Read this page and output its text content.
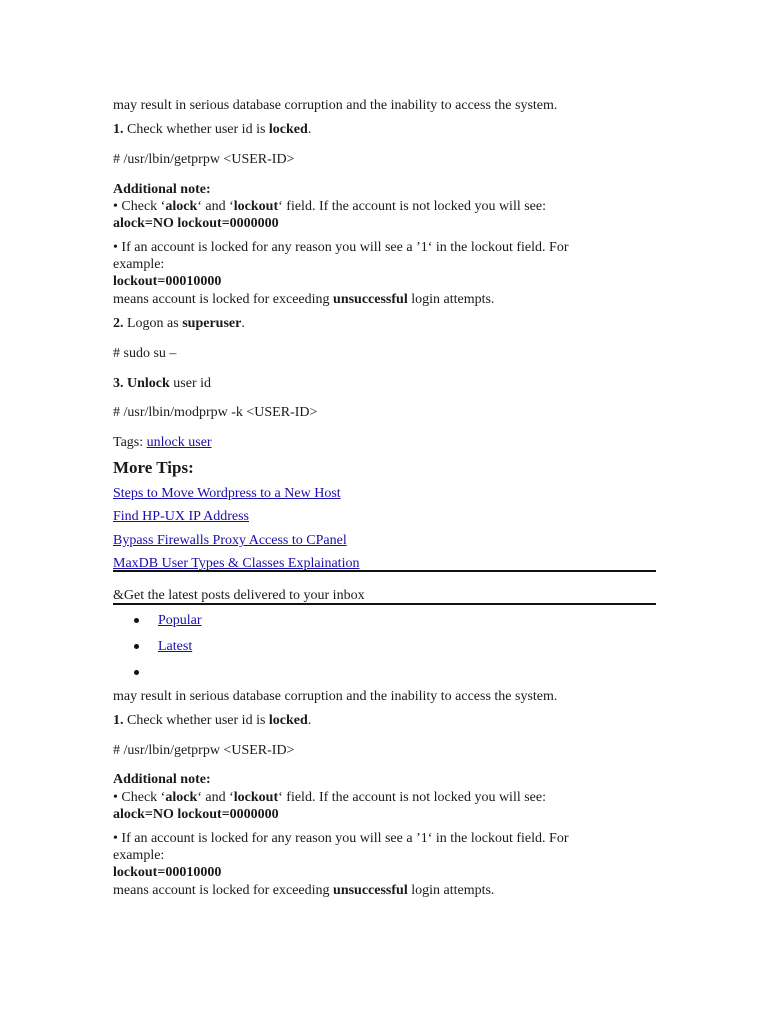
may result in serious database corruption and the inability to access the system.

1. Check whether user id is locked.

# /usr/lbin/getprpw <USER-ID>

Additional note:

• Check ‘alock‘ and ‘lockout‘ field. If the account is not locked you will see:

alock=NO lockout=0000000

• If an account is locked for any reason you will see a ’1‘ in the lockout field. For

example:

lockout=00010000

means account is locked for exceeding unsuccessful login attempts.

2. Logon as superuser.

# sudo su –

3. Unlock user id

# /usr/lbin/modprpw -k <USER-ID>

Tags: unlock user

More Tips:

Steps to Move Wordpress to a New Host

Find HP-UX IP Address

Bypass Firewalls Proxy Access to CPanel

MaxDB User Types & Classes Explaination

&Get the latest posts delivered to your inbox

Popular

Latest

may result in serious database corruption and the inability to access the system.

1. Check whether user id is locked.

# /usr/lbin/getprpw <USER-ID>

Additional note:

• Check ‘alock‘ and ‘lockout‘ field. If the account is not locked you will see:

alock=NO lockout=0000000

• If an account is locked for any reason you will see a ’1‘ in the lockout field. For

example:

lockout=00010000

means account is locked for exceeding unsuccessful login attempts.
